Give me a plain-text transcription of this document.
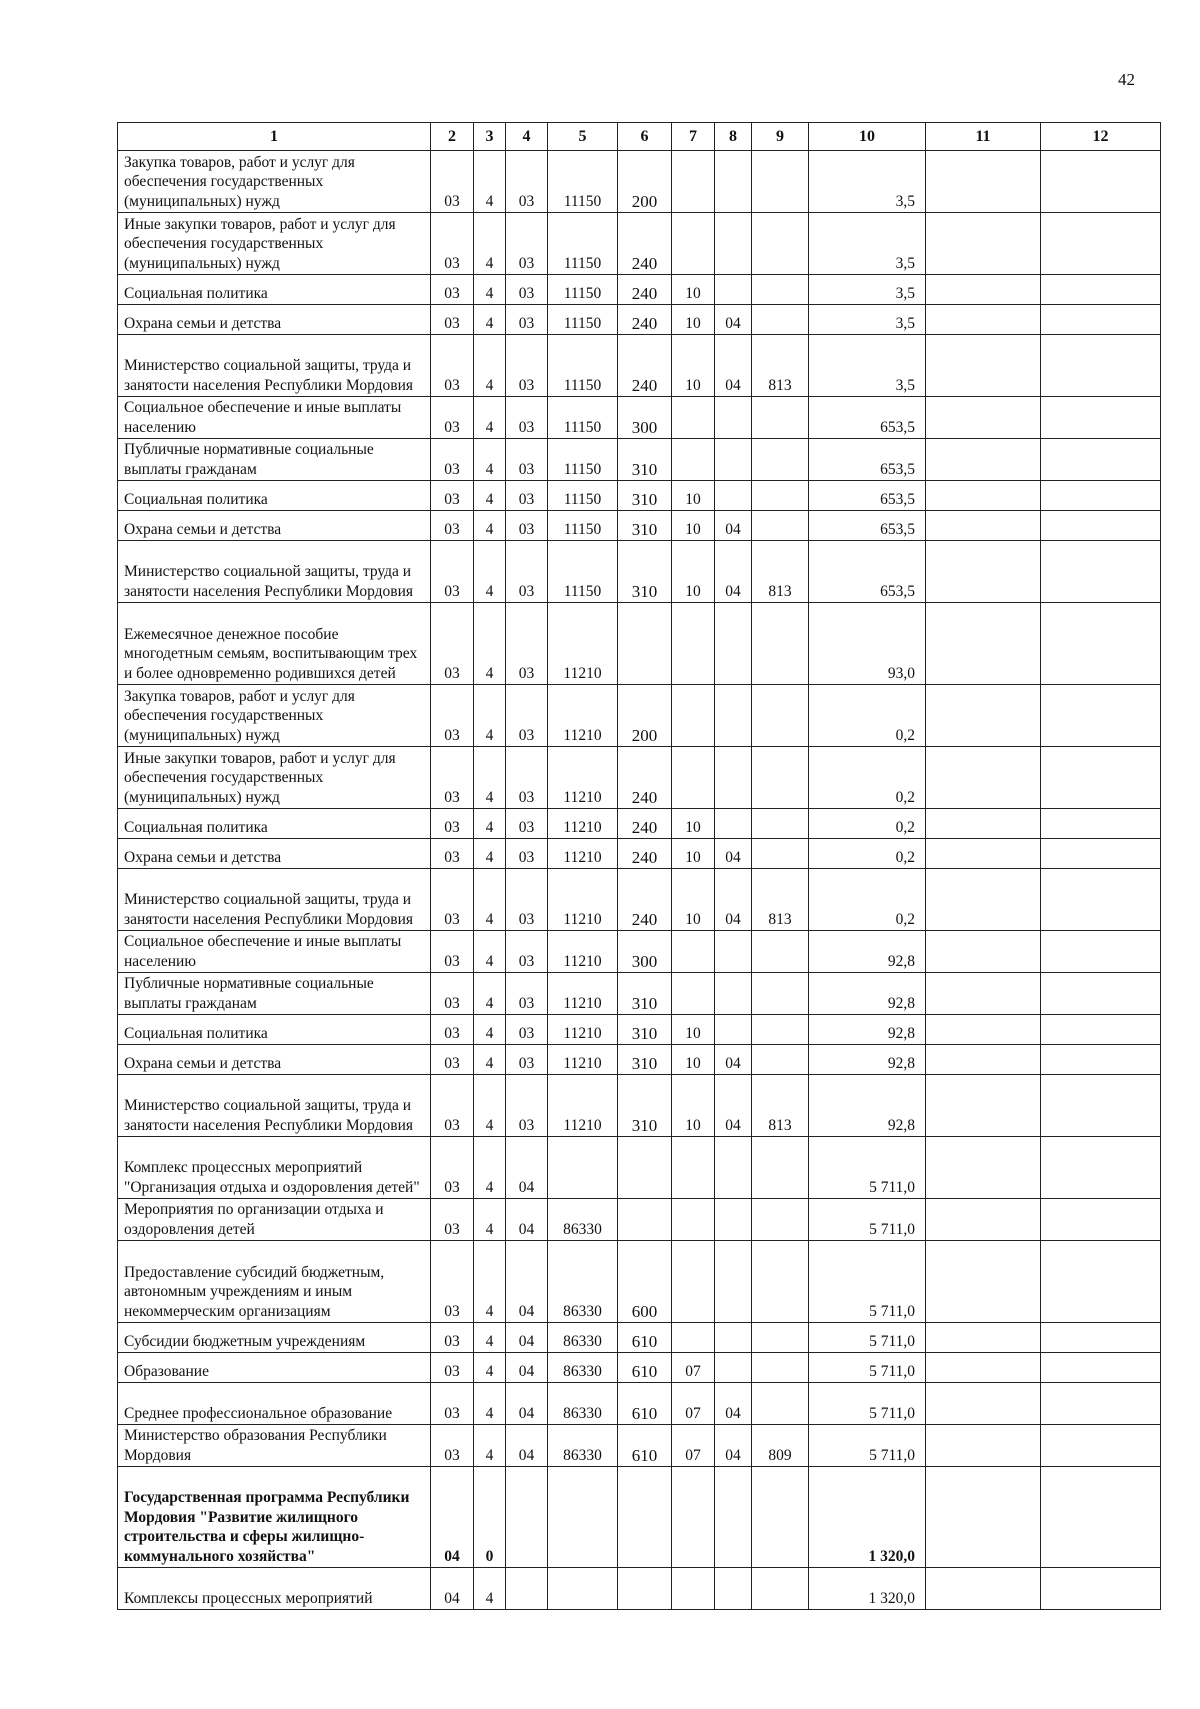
42
1	2	3	4	5	6	7	8	9	10	11	12
Закупка товаров, работ и услуг для обеспечения государственных (муниципальных) нужд	03	4	03	11150	200				3,5		
Иные закупки товаров, работ и услуг для обеспечения государственных (муниципальных) нужд	03	4	03	11150	240				3,5		
Социальная политика	03	4	03	11150	240	10			3,5		
Охрана семьи и детства	03	4	03	11150	240	10	04		3,5		
Министерство социальной защиты, труда и занятости населения Республики Мордовия	03	4	03	11150	240	10	04	813	3,5		
Социальное обеспечение и иные выплаты населению	03	4	03	11150	300				653,5		
Публичные нормативные социальные выплаты гражданам	03	4	03	11150	310				653,5		
Социальная политика	03	4	03	11150	310	10			653,5		
Охрана семьи и детства	03	4	03	11150	310	10	04		653,5		
Министерство социальной защиты, труда и занятости населения Республики Мордовия	03	4	03	11150	310	10	04	813	653,5		
Ежемесячное денежное пособие многодетным семьям, воспитывающим трех и более одновременно родившихся детей	03	4	03	11210					93,0		
Закупка товаров, работ и услуг для обеспечения государственных (муниципальных) нужд	03	4	03	11210	200				0,2		
Иные закупки товаров, работ и услуг для обеспечения государственных (муниципальных) нужд	03	4	03	11210	240				0,2		
Социальная политика	03	4	03	11210	240	10			0,2		
Охрана семьи и детства	03	4	03	11210	240	10	04		0,2		
Министерство социальной защиты, труда и занятости населения Республики Мордовия	03	4	03	11210	240	10	04	813	0,2		
Социальное обеспечение и иные выплаты населению	03	4	03	11210	300				92,8		
Публичные нормативные социальные выплаты гражданам	03	4	03	11210	310				92,8		
Социальная политика	03	4	03	11210	310	10			92,8		
Охрана семьи и детства	03	4	03	11210	310	10	04		92,8		
Министерство социальной защиты, труда и занятости населения Республики Мордовия	03	4	03	11210	310	10	04	813	92,8		
Комплекс процессных мероприятий "Организация отдыха и оздоровления детей"	03	4	04						5 711,0		
Мероприятия по организации отдыха и оздоровления детей	03	4	04	86330					5 711,0		
Предоставление субсидий бюджетным, автономным учреждениям и иным некоммерческим организациям	03	4	04	86330	600				5 711,0		
Субсидии бюджетным учреждениям	03	4	04	86330	610				5 711,0		
Образование	03	4	04	86330	610	07			5 711,0		
Среднее профессиональное образование	03	4	04	86330	610	07	04		5 711,0		
Министерство образования Республики Мордовия	03	4	04	86330	610	07	04	809	5 711,0		
Государственная программа Республики Мордовия "Развитие жилищного строительства и сферы жилищно-коммунального хозяйства"	04	0							1 320,0		
Комплексы процессных мероприятий	04	4							1 320,0		
